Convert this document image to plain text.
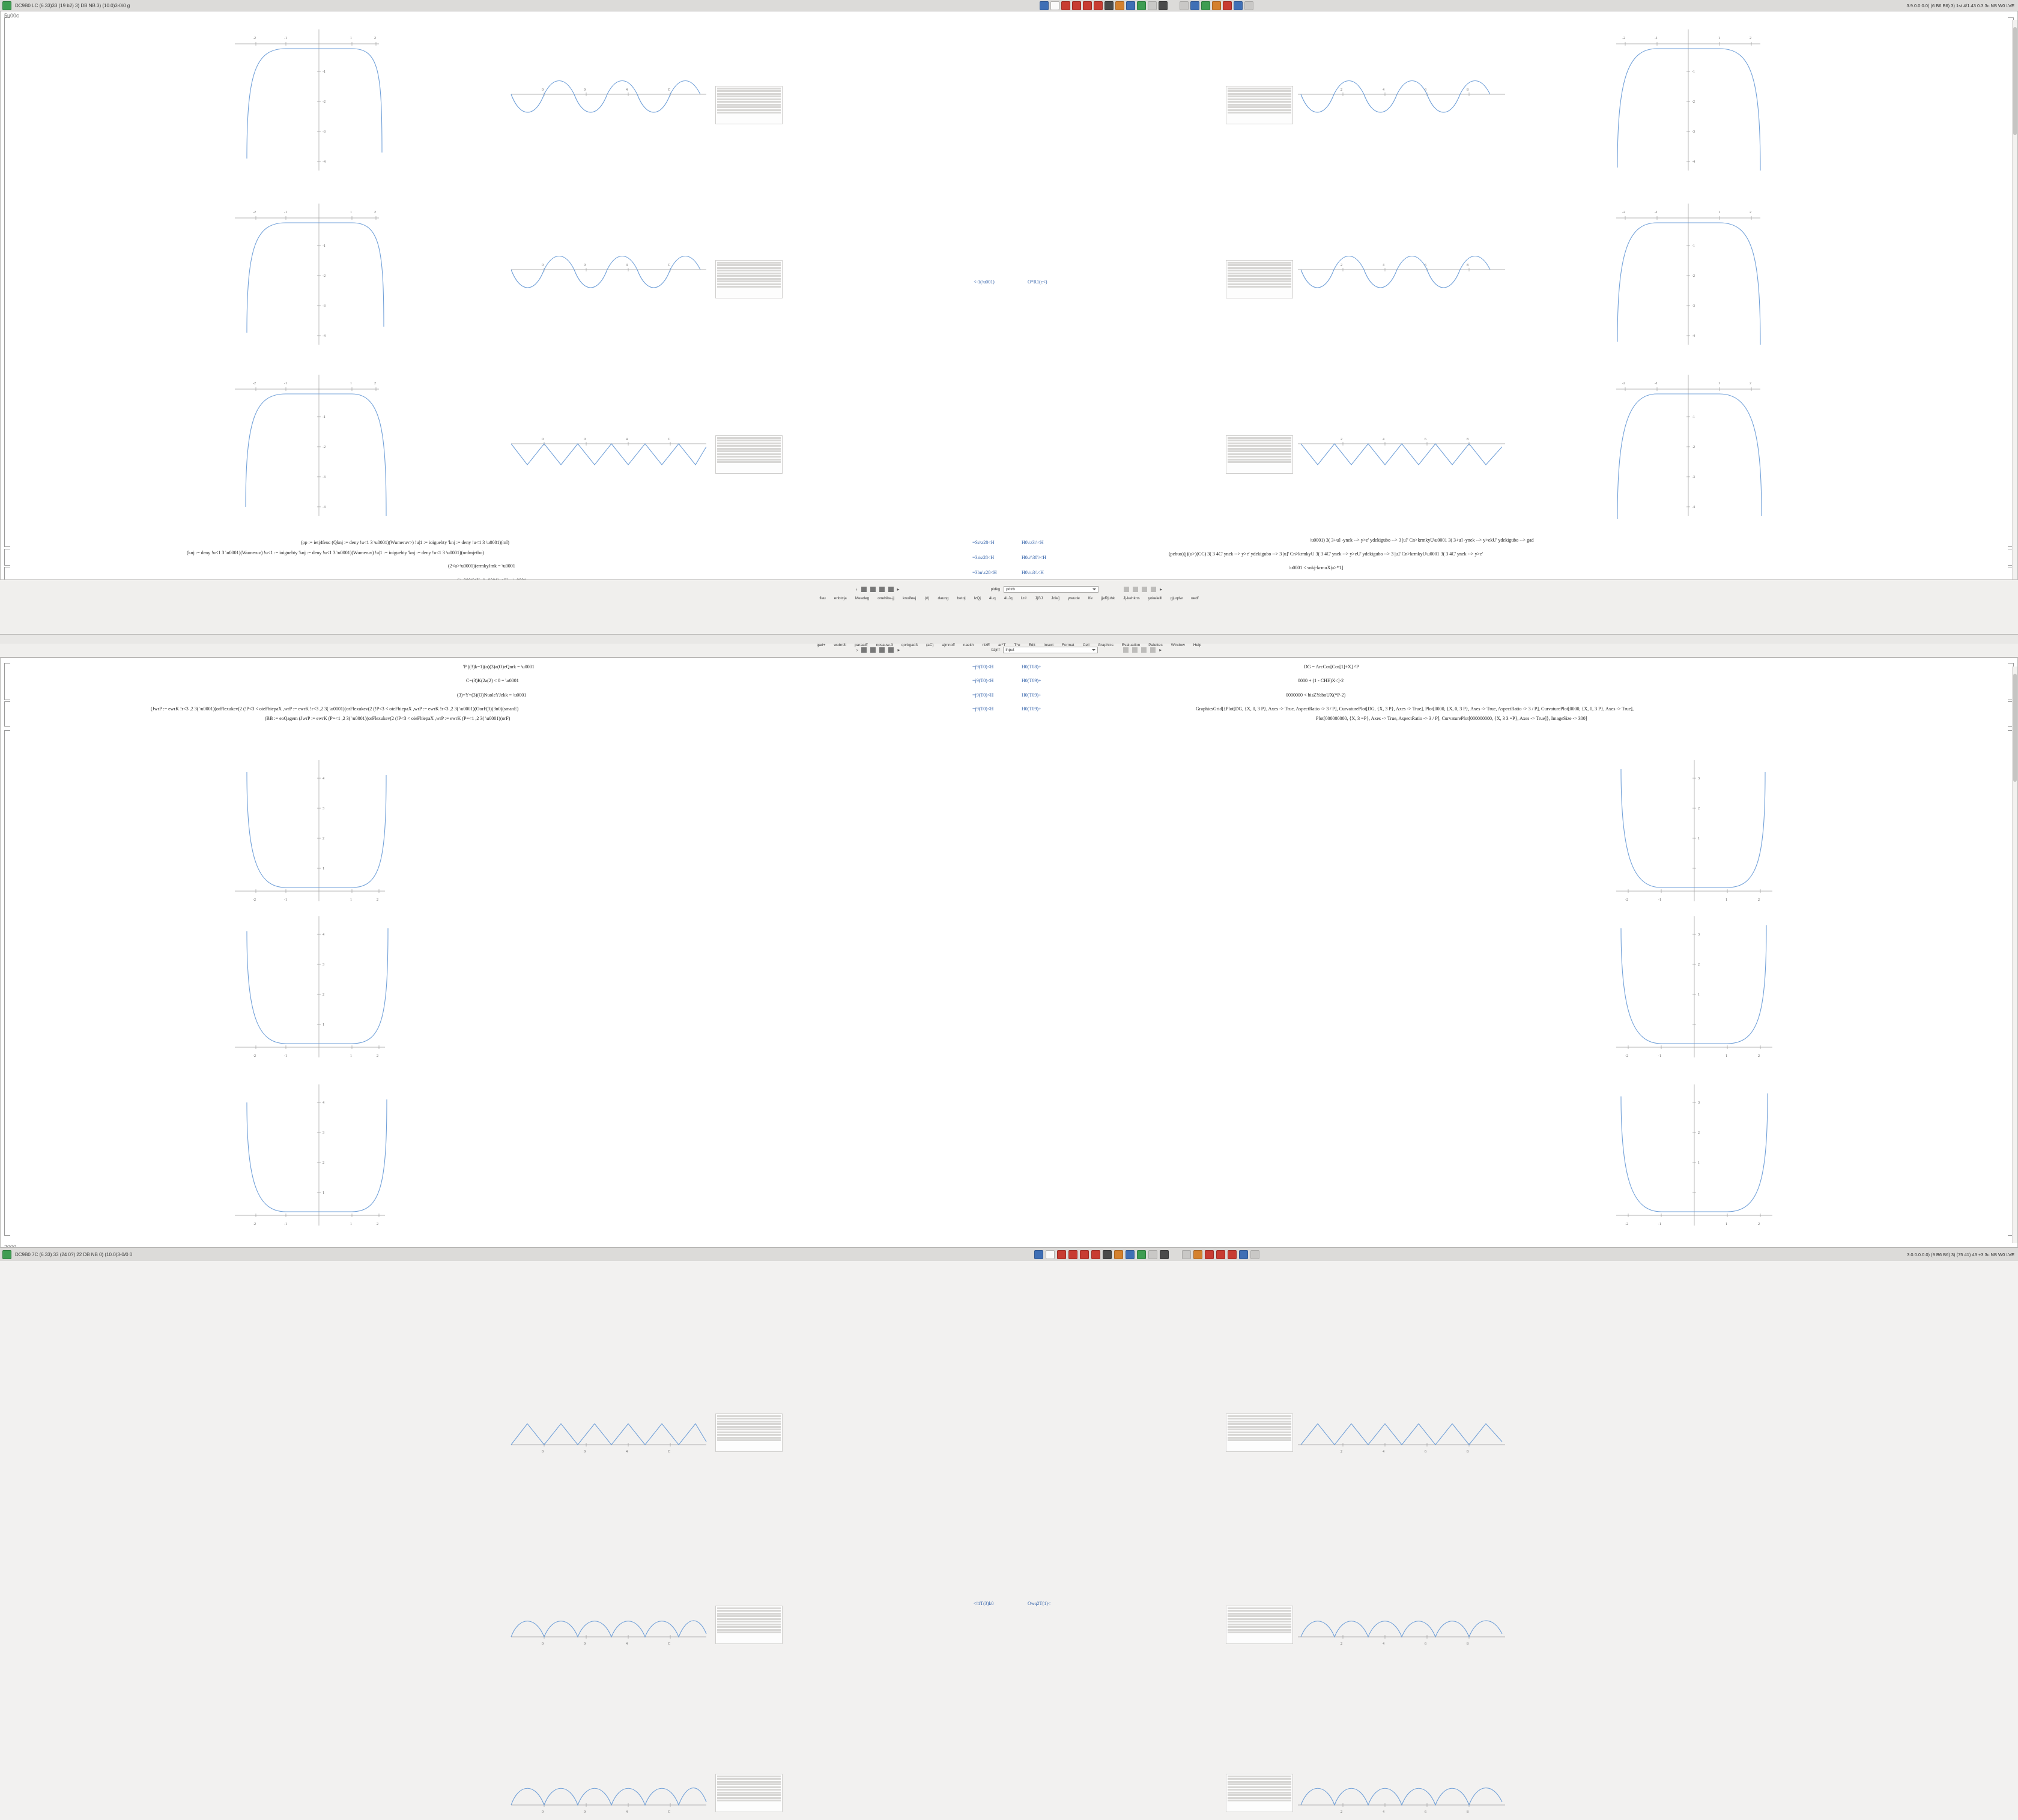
DC9B0 LC (6.33)33 (19 b2) 3) DB NB 3) (10.0)3-0/0 g	3.9.0.0.0.0) (6 B6 B6) 3) 1st 4/1.43 0.3 3c NB W0 LVE
-2	-1	1	2
-1
-2
-3
-4
0	0	4	C	2	4	6	8
-2	-1	1	2
-1
-2
-3
-4
-2	-1	1	2
-1
-2
-3
-4
0	0	4	C
<-1(\u001)	O*R1(c<)
2	4	6	8
-2	-1	1	2
-1
-2
-3
-4
-2	-1	1	2
-1
-2
-3
-4
0	0	4	C	2	4	6	8
-2	-1	1	2
-1
-2
-3
-4
(pp := ietj4feuc (Qknj := deny !u<1 3 \u0001)(Wumeruv>) !u|1 := ioiguebty 'knj := deny !u<1 3 \u0001)(ml)
(knj := deny !u<1 3 \u0001)(Wumeruv) !u<1 := ioiguebty 'knj := deny !u<1 3 \u0001)(Wumeruv) !u|1 := ioiguebty 'knj := deny !u<1 3 \u0001)(nrdmjetbo)
(2<u>\u0001)(ermkyJmk = \u0001
=Sz\z28<H
=3a\z28<H
=3bu\z28<H
H0\\z3\\<H
H0u\\38\\<H
H0\\u3\\<H
\u0001) 3( 3+u] -ynek --> y>e' ydekigubo --> 3 |u]' Cn>krmkyU\u0001 3( 3+u] -ynek --> y>ekU' ydekigubo --> gad
(pebuo)(j)(u>)(CC) 3( 3 4C' ynek --> y>e' ydekigubo --> 3 |u]' Cn>krmkyU 3( 3 4C' ynek --> y>eU' ydekigubo --> 3 |u]' Cn>krmkyU\u0001 3( 3 4C' ynek --> y>e'
\u0001 < snkj-krmuX|u>*1]
5u00c
›	▸	pldkg pdtrb	▸
flau enbtcja Meadeg onehike-jj knuifeej (#) daung betoj lzQj 4Lq 4LJq Lr# JjGJ Jdie] yreude Ife jjeRjuhk Jj-kehkns yokeielll gjuqtiw uedf
›	▸	bzjnf Input	▸
gad+ wubn3l paraaiff nosauw-3 qorkgad3 (aC) ajmnoff naekh nlzE ar*T T*e Edit Insert Format Cell Graphics Evaluation Palettes Window Help
'P ((3)k=1)(o)(3)a(O)eQnrk = \u0001
C=(3)K(2a(2) < 0 = \u0001
(3)=Y=(3)(O)NuoleYJekk = \u0001
(JwrP := ewrK !r<3 ,2 3( \u0001)(orFlexukev(2 (!P<3 < oieFhiepaX ,wrP := ewrK !r<3 ,2 3( \u0001)(orFlexukev(2 (!P<3 < oieFhiepaX ,wrP := ewrK !r<3 ,2 3( \u0001)(OorF(3)(3n0)(smanE)
(BB := eoQagem (JwrP := ewrK (P=<1 ,2 3( \u0001)(orFlexukev(2 (!P<3 < oieFhiepaX ,wrP := ewrK (P=<1 ,2 3( \u0001)(orF)
=j9(T0)<H
=j9(T0)<H
=j9(T0)<H
=j9(T0)<H
H0(T08)+
H0(T09)+
H0(T09)+
H0(T09)+
DG = ArcCos[Cos[1]+X] ^P
0000 + (1 - CHE)X<]-2
0000000 < bisZYaboUX(*P-2)
GraphicsGrid[{Plot[DG, {X, 0, 3 P}, Axes -> True, AspectRatio -> 3 / P], CurvaturePlot[DG, {X, 3 P}, Axes -> True], Plot[0000, {X, 0, 3 P}, Axes -> True, AspectRatio -> 3 / P], CurvaturePlot[0000, {X, 0, 3 P}, Axes -> True],
Plot[000000000, {X, 3 =P}, Axes -> True, AspectRatio -> 3 / P], CurvaturePlot[000000000, {X, 3 3 =P}, Axes -> True]}, ImageSize -> 300]
-2	-1	1	2
4
3
2
1
0	0	4	C	2	4	6	8
-2	-1	1	2
3
2
1
-2	-1	1	2
4
3
2
1
0	0	4	C
<!1T(3)k0	Owq2T(1)<
2	4	6	8
-2	-1	1	2
3
2
1
-2	-1	1	2
4
3
2
1
0	0	4	C	2	4	6	8
-2	-1	1	2
3
2
1
DC9B0 7C (6.33) 33 (24 0?) 22 DB NB 0) (10.0)3-0/0 0	3.0.0.0.0.0) (9 B6 B6) 3) (75 41) 43 +3 3c NB W0 LVE
